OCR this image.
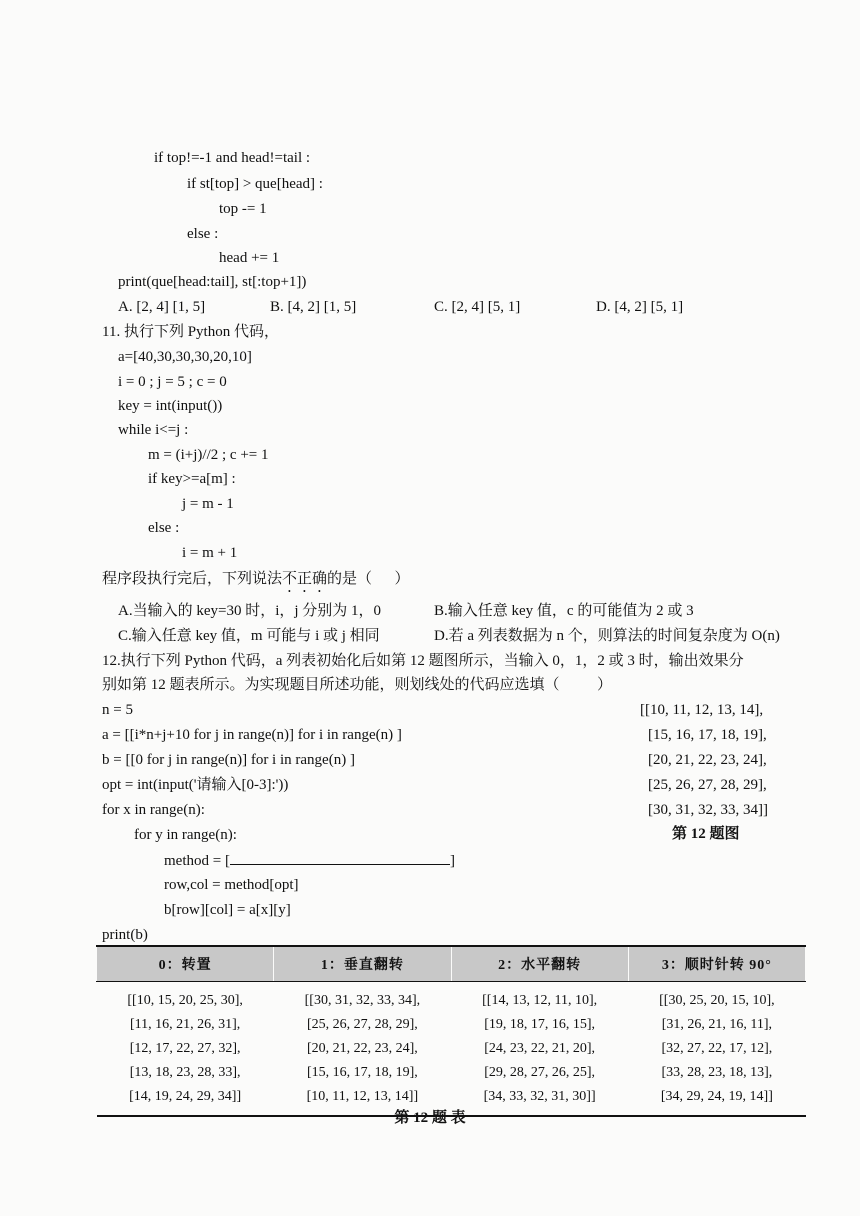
if top!=-1 and head!=tail :
if st[top] > que[head] :
top -= 1
else :
head += 1
print(que[head:tail], st[:top+1])
A. [2, 4] [1, 5]	B. [4, 2] [1, 5]	C. [2, 4] [5, 1]	D. [4, 2] [5, 1]
11. 执行下列 Python 代码，
a=[40,30,30,30,20,10]
i = 0 ; j = 5 ; c = 0
key = int(input())
while i<=j :
m = (i+j)//2 ; c += 1
if key>=a[m] :
j = m - 1
else :
i = m + 1
程序段执行完后，下列说法不正确的是（      ）
A.当输入的 key=30 时，i，j 分别为 1，0	B.输入任意 key 值，c 的可能值为 2 或 3
C.输入任意 key 值，m 可能与 i 或 j 相同	D.若 a 列表数据为 n 个，则算法的时间复杂度为 O(n)
12.执行下列 Python 代码，a 列表初始化后如第 12 题图所示，当输入 0，1，2 或 3 时，输出效果分
别如第 12 题表所示。为实现题目所述功能，则划线处的代码应选填（          ）
n = 5
a = [[i*n+j+10 for j in range(n)] for i in range(n) ]
b = [[0 for j in range(n)] for i in range(n) ]
opt = int(input('请输入[0-3]:'))
for x in range(n):
for y in range(n):
method = [	]
row,col = method[opt]
b[row][col] = a[x][y]
print(b)
[[10, 11, 12, 13, 14],
[15, 16, 17, 18, 19],
[20, 21, 22, 23, 24],
[25, 26, 27, 28, 29],
[30, 31, 32, 33, 34]]
第 12 题图
0：转置	1：垂直翻转	2：水平翻转	3：顺时针转 90°

[[10, 15, 20, 25, 30],
[11, 16, 21, 26, 31],
[12, 17, 22, 27, 32],
[13, 18, 23, 28, 33],
[14, 19, 24, 29, 34]]	[[30, 31, 32, 33, 34],
[25, 26, 27, 28, 29],
[20, 21, 22, 23, 24],
[15, 16, 17, 18, 19],
[10, 11, 12, 13, 14]]	[[14, 13, 12, 11, 10],
[19, 18, 17, 16, 15],
[24, 23, 22, 21, 20],
[29, 28, 27, 26, 25],
[34, 33, 32, 31, 30]]	[[30, 25, 20, 15, 10],
[31, 26, 21, 16, 11],
[32, 27, 22, 17, 12],
[33, 28, 23, 18, 13],
[34, 29, 24, 19, 14]]
第 12 题 表
